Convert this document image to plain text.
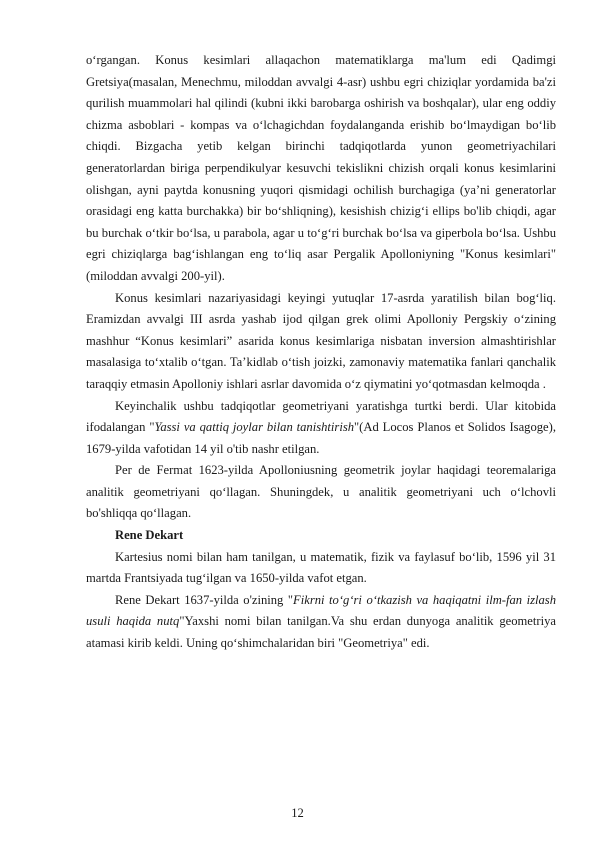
o‘rgangan. Konus kesimlari allaqachon matematiklarga ma'lum edi Qadimgi Gretsiya(masalan, Menechmu, miloddan avvalgi 4-asr) ushbu egri chiziqlar yordamida ba'zi qurilish muammolari hal qilindi (kubni ikki barobarga oshirish va boshqalar), ular eng oddiy chizma asboblari - kompas va o‘lchagichdan foydalanganda erishib bo‘lmaydigan bo‘lib chiqdi. Bizgacha yetib kelgan birinchi tadqiqotlarda yunon geometriyachilari generatorlardan biriga perpendikulyar kesuvchi tekislikni chizish orqali konus kesimlarini olishgan, ayni paytda konusning yuqori qismidagi ochilish burchagiga (ya’ni generatorlar orasidagi eng katta burchakka) bir bo‘shliqning), kesishish chizig‘i ellips bo'lib chiqdi, agar bu burchak o‘tkir bo‘lsa, u parabola, agar u to‘g‘ri burchak bo‘lsa va giperbola bo‘lsa. Ushbu egri chiziqlarga bag‘ishlangan eng to‘liq asar Pergalik Apolloniyning "Konus kesimlari" (miloddan avvalgi 200-yil).

Konus kesimlari nazariyasidagi keyingi yutuqlar 17-asrda yaratilish bilan bog‘liq. Eramizdan avvalgi III asrda yashab ijod qilgan grek olimi Apolloniy Pergskiy o‘zining mashhur “Konus kesimlari” asarida konus kesimlariga nisbatan inversion almashtirishlar masalasiga to‘xtalib o‘tgan. Ta’kidlab o‘tish joizki, zamonaviy matematika fanlari qanchalik taraqqiy etmasin Apolloniy ishlari asrlar davomida o‘z qiymatini yo‘qotmasdan kelmoqda .

Keyinchalik ushbu tadqiqotlar geometriyani yaratishga turtki berdi. Ular kitobida ifodalangan "Yassi va qattiq joylar bilan tanishtirish"(Ad Locos Planos et Solidos Isagoge), 1679-yilda vafotidan 14 yil o'tib nashr etilgan.

Per de Fermat 1623-yilda Apolloniusning geometrik joylar haqidagi teoremalariga analitik geometriyani qo‘llagan. Shuningdek, u analitik geometriyani uch o‘lchovli bo'shliqqa qo‘llagan.

Rene Dekart

Kartesius nomi bilan ham tanilgan, u matematik, fizik va faylasuf bo‘lib, 1596 yil 31 martda Frantsiyada tug‘ilgan va 1650-yilda vafot etgan.

Rene Dekart 1637-yilda o'zining "Fikrni to‘g‘ri o‘tkazish va haqiqatni ilm-fan izlash usuli haqida nutq"Yaxshi nomi bilan tanilgan.Va shu erdan dunyoga analitik geometriya atamasi kirib keldi. Uning qo‘shimchalaridan biri "Geometriya" edi.

12
